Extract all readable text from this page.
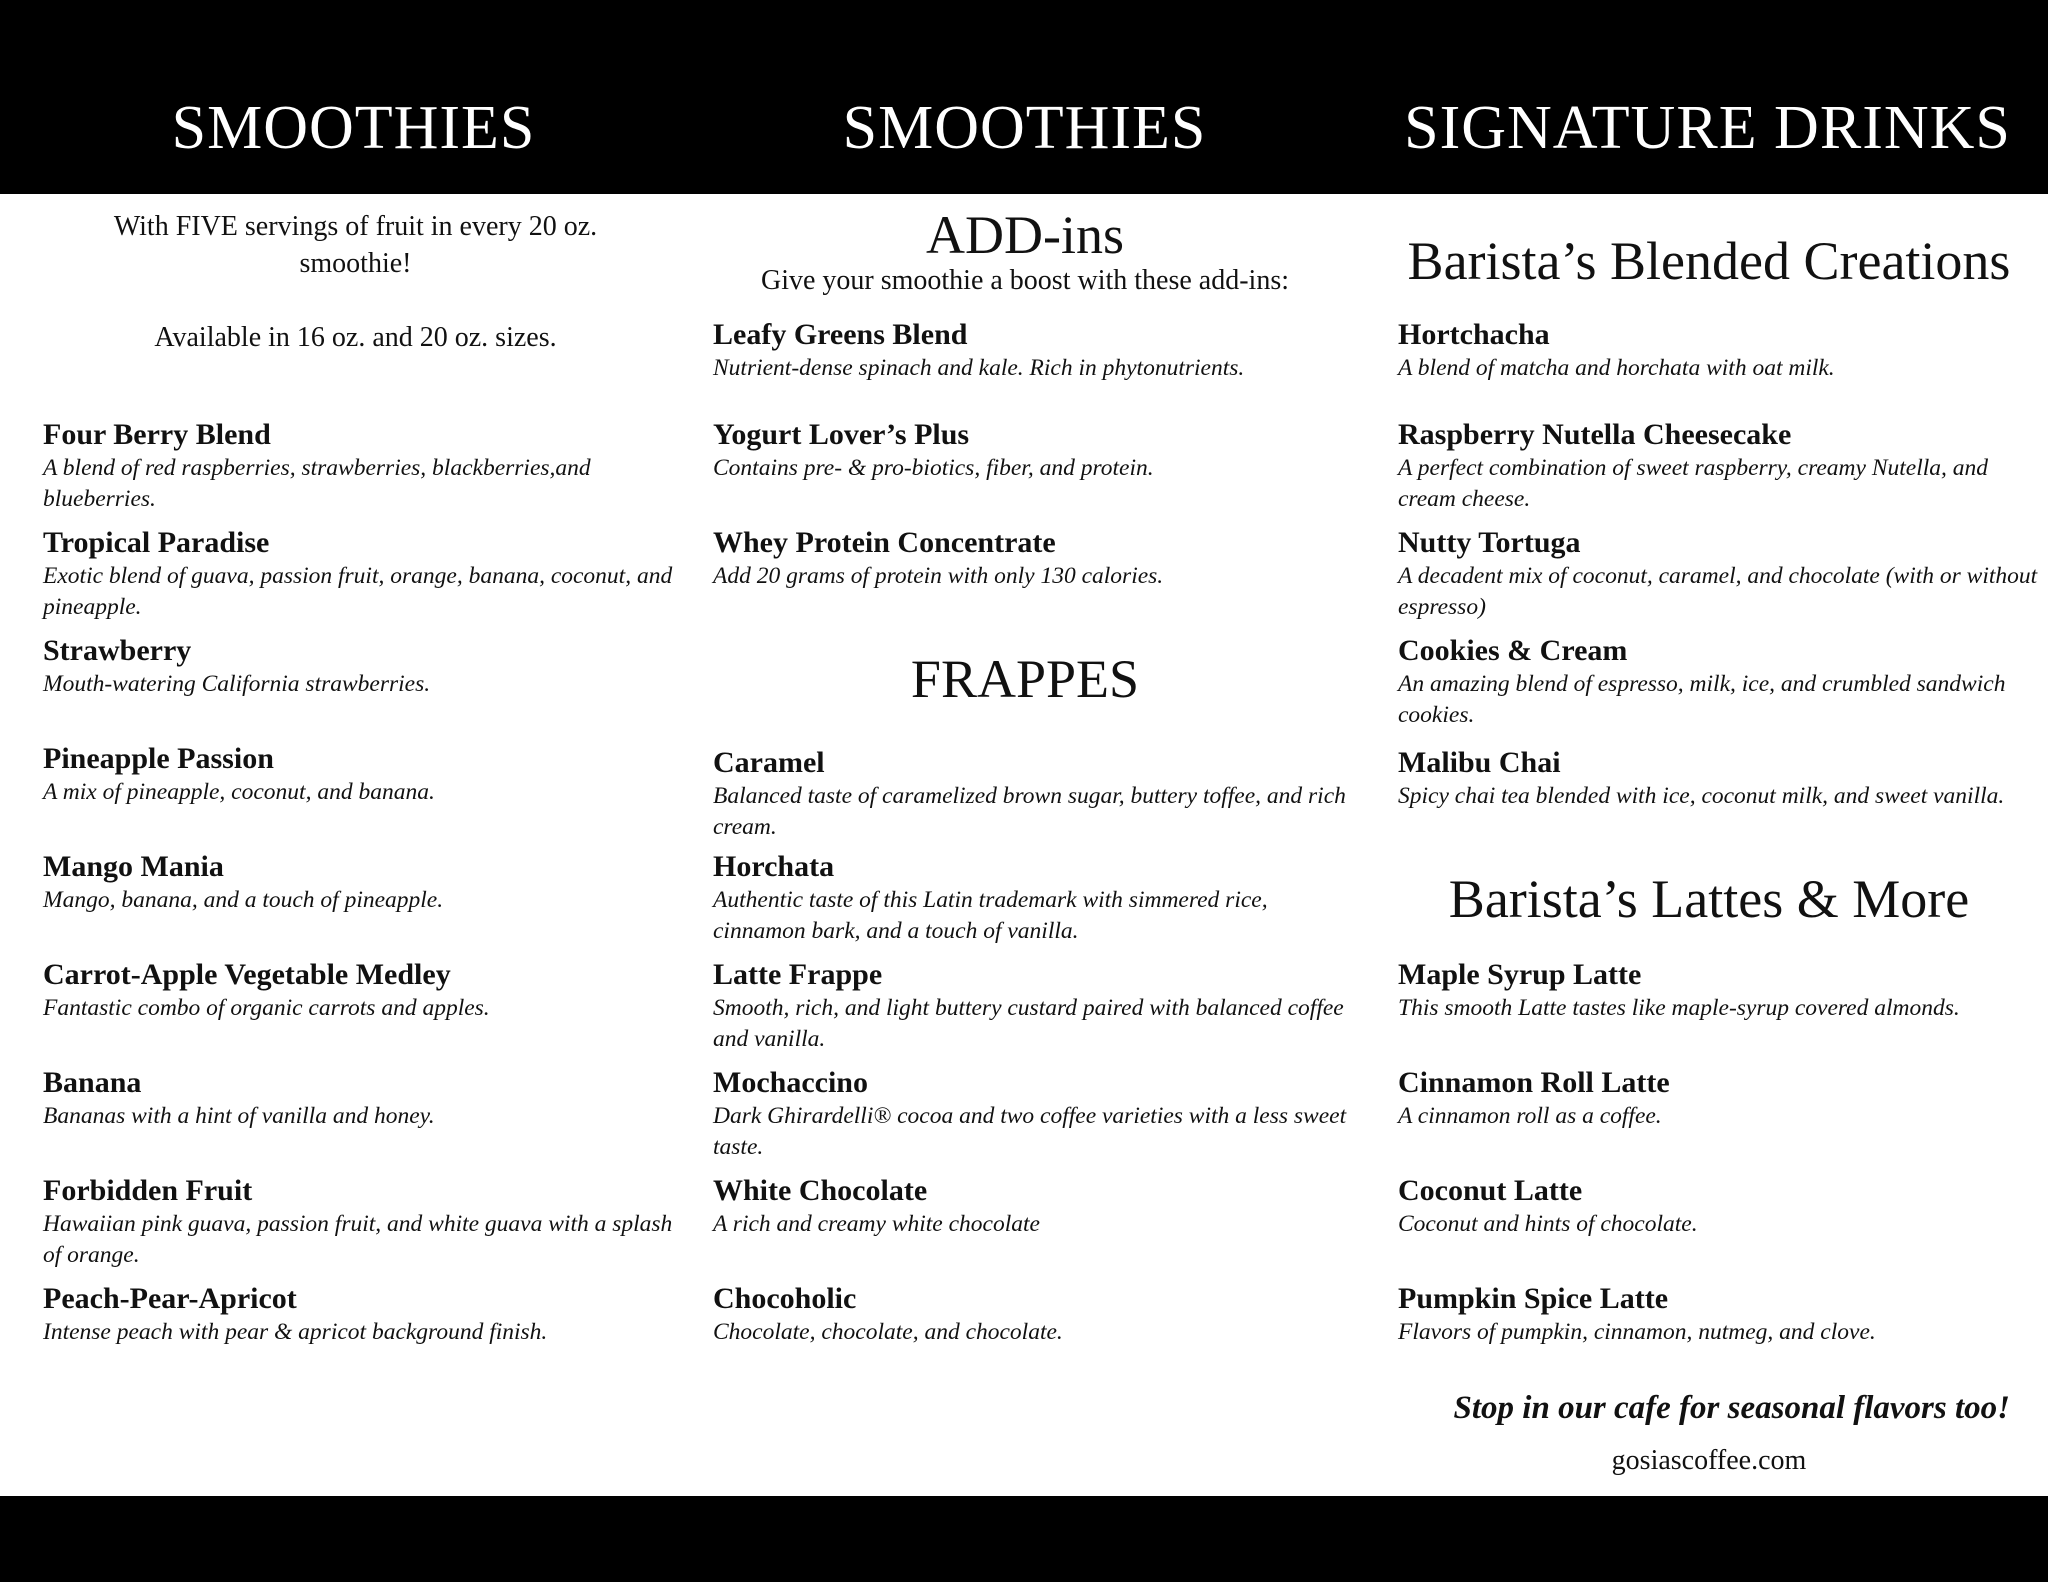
SMOOTHIES	SMOOTHIES	SIGNATURE DRINKS
With FIVE servings of fruit in every 20 oz.
smoothie!
Available in 16 oz. and 20 oz. sizes.
Four Berry Blend
A blend of red raspberries, strawberries, blackberries,and blueberries.
Tropical Paradise
Exotic blend of guava, passion fruit, orange, banana, coconut, and pineapple.
Strawberry
Mouth-watering California strawberries.
Pineapple Passion
A mix of pineapple, coconut, and banana.
Mango Mania
Mango, banana, and a touch of pineapple.
Carrot-Apple Vegetable Medley
Fantastic combo of organic carrots and apples.
Banana
Bananas with a hint of vanilla and honey.
Forbidden Fruit
Hawaiian pink guava, passion fruit, and white guava with a splash of orange.
Peach-Pear-Apricot
Intense peach with pear & apricot background finish.
ADD-ins
Give your smoothie a boost with these add-ins:
Leafy Greens Blend
Nutrient-dense spinach and kale. Rich in phytonutrients.
Yogurt Lover’s Plus
Contains pre- & pro-biotics, fiber, and protein.
Whey Protein Concentrate
Add 20 grams of protein with only 130 calories.
FRAPPES
Caramel
Balanced taste of caramelized brown sugar, buttery toffee, and rich cream.
Horchata
Authentic taste of this Latin trademark with simmered rice, cinnamon bark, and a touch of vanilla.
Latte Frappe
Smooth, rich, and light buttery custard paired with balanced coffee and vanilla.
Mochaccino
Dark Ghirardelli® cocoa and two coffee varieties with a less sweet taste.
White Chocolate
A rich and creamy white chocolate
Chocoholic
Chocolate, chocolate, and chocolate.
Barista’s Blended Creations
Hortchacha
A blend of matcha and horchata with oat milk.
Raspberry Nutella Cheesecake
A perfect combination of sweet raspberry, creamy Nutella, and cream cheese.
Nutty Tortuga
A decadent mix of coconut, caramel, and chocolate (with or without espresso)
Cookies & Cream
An amazing blend of espresso, milk, ice, and crumbled sandwich cookies.
Malibu Chai
Spicy chai tea blended with ice, coconut milk, and sweet vanilla.
Barista’s Lattes & More
Maple Syrup Latte
This smooth Latte tastes like maple-syrup covered almonds.
Cinnamon Roll Latte
A cinnamon roll as a coffee.
Coconut Latte
Coconut and hints of chocolate.
Pumpkin Spice Latte
Flavors of pumpkin, cinnamon, nutmeg, and clove.
Stop in our cafe for seasonal flavors too!
gosiascoffee.com
